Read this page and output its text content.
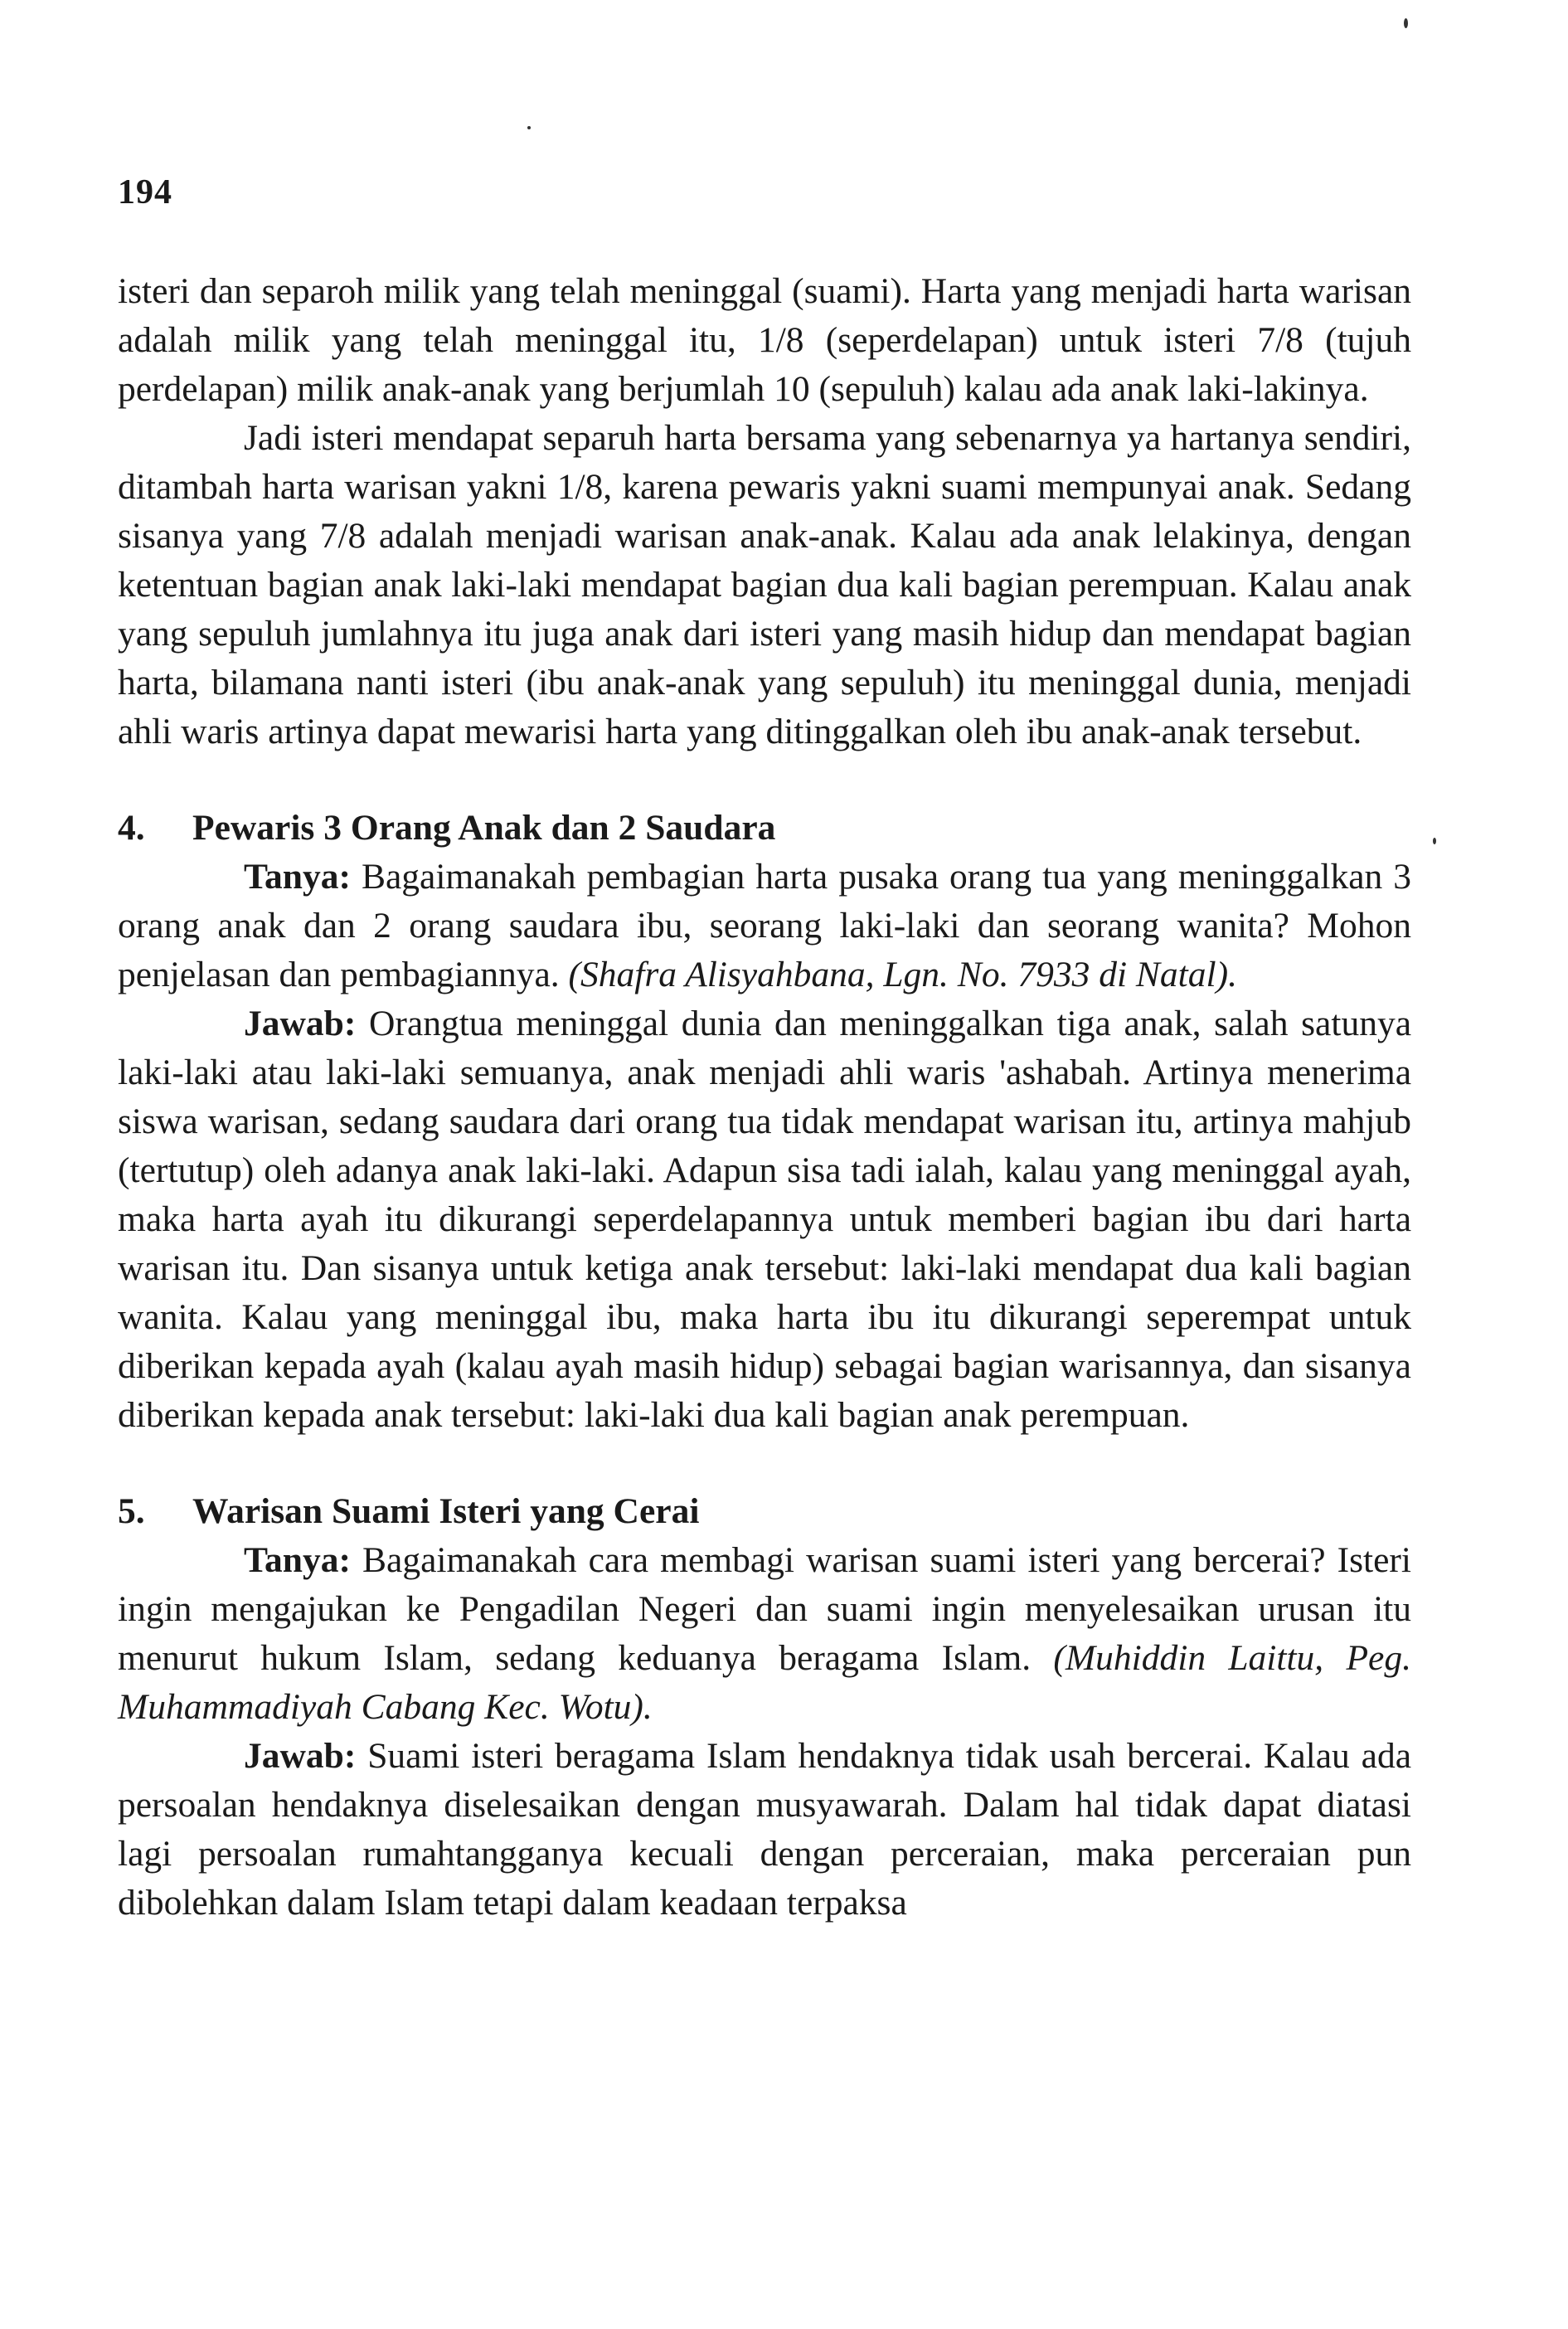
194

isteri dan separoh milik yang telah meninggal (suami). Harta yang menjadi harta warisan adalah milik yang telah meninggal itu, 1/8 (seperdelapan) untuk isteri 7/8 (tujuh perdelapan) milik anak-anak yang berjumlah 10 (sepuluh) kalau ada anak laki-lakinya.

Jadi isteri mendapat separuh harta bersama yang sebenarnya ya hartanya sendiri, ditambah harta warisan yakni 1/8, karena pewaris yakni suami mempunyai anak. Sedang sisanya yang 7/8 adalah menjadi warisan anak-anak. Kalau ada anak lelakinya, dengan ketentuan bagian anak laki-laki mendapat bagian dua kali bagian perempuan. Kalau anak yang sepuluh jumlahnya itu juga anak dari isteri yang masih hidup dan mendapat bagian harta, bilamana nanti isteri (ibu anak-anak yang sepuluh) itu meninggal dunia, menjadi ahli waris artinya dapat mewarisi harta yang ditinggalkan oleh ibu anak-anak tersebut.

4. Pewaris 3 Orang Anak dan 2 Saudara

Tanya: Bagaimanakah pembagian harta pusaka orang tua yang meninggalkan 3 orang anak dan 2 orang saudara ibu, seorang laki-laki dan seorang wanita? Mohon penjelasan dan pembagiannya. (Shafra Alisyahbana, Lgn. No. 7933 di Natal).

Jawab: Orangtua meninggal dunia dan meninggalkan tiga anak, salah satunya laki-laki atau laki-laki semuanya, anak menjadi ahli waris 'ashabah. Artinya menerima siswa warisan, sedang saudara dari orang tua tidak mendapat warisan itu, artinya mahjub (tertutup) oleh adanya anak laki-laki. Adapun sisa tadi ialah, kalau yang meninggal ayah, maka harta ayah itu dikurangi seperdelapannya untuk memberi bagian ibu dari harta warisan itu. Dan sisanya untuk ketiga anak tersebut: laki-laki mendapat dua kali bagian wanita. Kalau yang meninggal ibu, maka harta ibu itu dikurangi seperempat untuk diberikan kepada ayah (kalau ayah masih hidup) sebagai bagian warisannya, dan sisanya diberikan kepada anak tersebut: laki-laki dua kali bagian anak perempuan.

5. Warisan Suami Isteri yang Cerai

Tanya: Bagaimanakah cara membagi warisan suami isteri yang bercerai? Isteri ingin mengajukan ke Pengadilan Negeri dan suami ingin menyelesaikan urusan itu menurut hukum Islam, sedang keduanya beragama Islam. (Muhiddin Laittu, Peg. Muhammadiyah Cabang Kec. Wotu).

Jawab: Suami isteri beragama Islam hendaknya tidak usah bercerai. Kalau ada persoalan hendaknya diselesaikan dengan musyawarah. Dalam hal tidak dapat diatasi lagi persoalan rumahtangganya kecuali dengan perceraian, maka perceraian pun dibolehkan dalam Islam tetapi dalam keadaan terpaksa
